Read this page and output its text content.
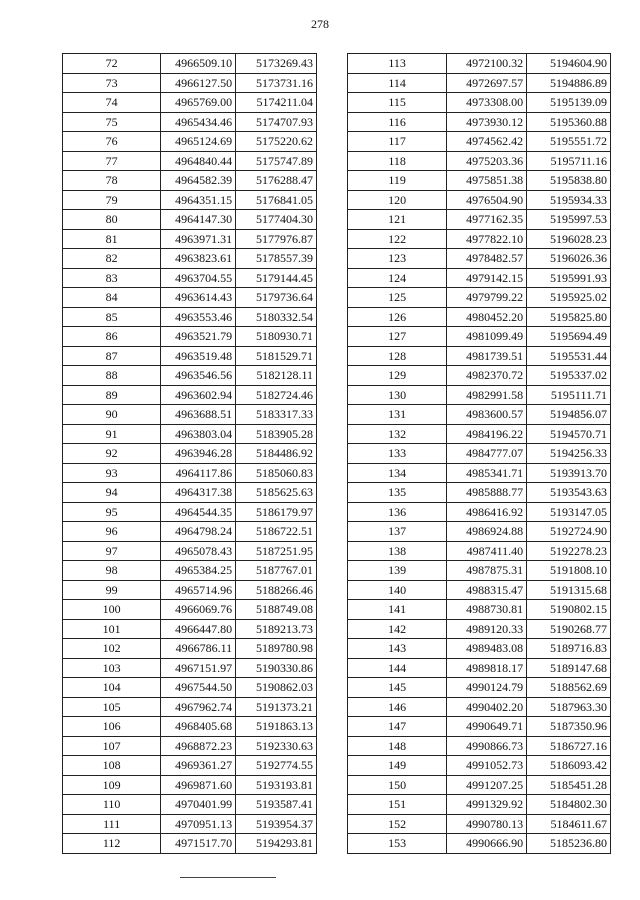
278
72	4966509.10	5173269.43
73	4966127.50	5173731.16
74	4965769.00	5174211.04
75	4965434.46	5174707.93
76	4965124.69	5175220.62
77	4964840.44	5175747.89
78	4964582.39	5176288.47
79	4964351.15	5176841.05
80	4964147.30	5177404.30
81	4963971.31	5177976.87
82	4963823.61	5178557.39
83	4963704.55	5179144.45
84	4963614.43	5179736.64
85	4963553.46	5180332.54
86	4963521.79	5180930.71
87	4963519.48	5181529.71
88	4963546.56	5182128.11
89	4963602.94	5182724.46
90	4963688.51	5183317.33
91	4963803.04	5183905.28
92	4963946.28	5184486.92
93	4964117.86	5185060.83
94	4964317.38	5185625.63
95	4964544.35	5186179.97
96	4964798.24	5186722.51
97	4965078.43	5187251.95
98	4965384.25	5187767.01
99	4965714.96	5188266.46
100	4966069.76	5188749.08
101	4966447.80	5189213.73
102	4966786.11	5189780.98
103	4967151.97	5190330.86
104	4967544.50	5190862.03
105	4967962.74	5191373.21
106	4968405.68	5191863.13
107	4968872.23	5192330.63
108	4969361.27	5192774.55
109	4969871.60	5193193.81
110	4970401.99	5193587.41
111	4970951.13	5193954.37
112	4971517.70	5194293.81
113	4972100.32	5194604.90
114	4972697.57	5194886.89
115	4973308.00	5195139.09
116	4973930.12	5195360.88
117	4974562.42	5195551.72
118	4975203.36	5195711.16
119	4975851.38	5195838.80
120	4976504.90	5195934.33
121	4977162.35	5195997.53
122	4977822.10	5196028.23
123	4978482.57	5196026.36
124	4979142.15	5195991.93
125	4979799.22	5195925.02
126	4980452.20	5195825.80
127	4981099.49	5195694.49
128	4981739.51	5195531.44
129	4982370.72	5195337.02
130	4982991.58	5195111.71
131	4983600.57	5194856.07
132	4984196.22	5194570.71
133	4984777.07	5194256.33
134	4985341.71	5193913.70
135	4985888.77	5193543.63
136	4986416.92	5193147.05
137	4986924.88	5192724.90
138	4987411.40	5192278.23
139	4987875.31	5191808.10
140	4988315.47	5191315.68
141	4988730.81	5190802.15
142	4989120.33	5190268.77
143	4989483.08	5189716.83
144	4989818.17	5189147.68
145	4990124.79	5188562.69
146	4990402.20	5187963.30
147	4990649.71	5187350.96
148	4990866.73	5186727.16
149	4991052.73	5186093.42
150	4991207.25	5185451.28
151	4991329.92	5184802.30
152	4990780.13	5184611.67
153	4990666.90	5185236.80
